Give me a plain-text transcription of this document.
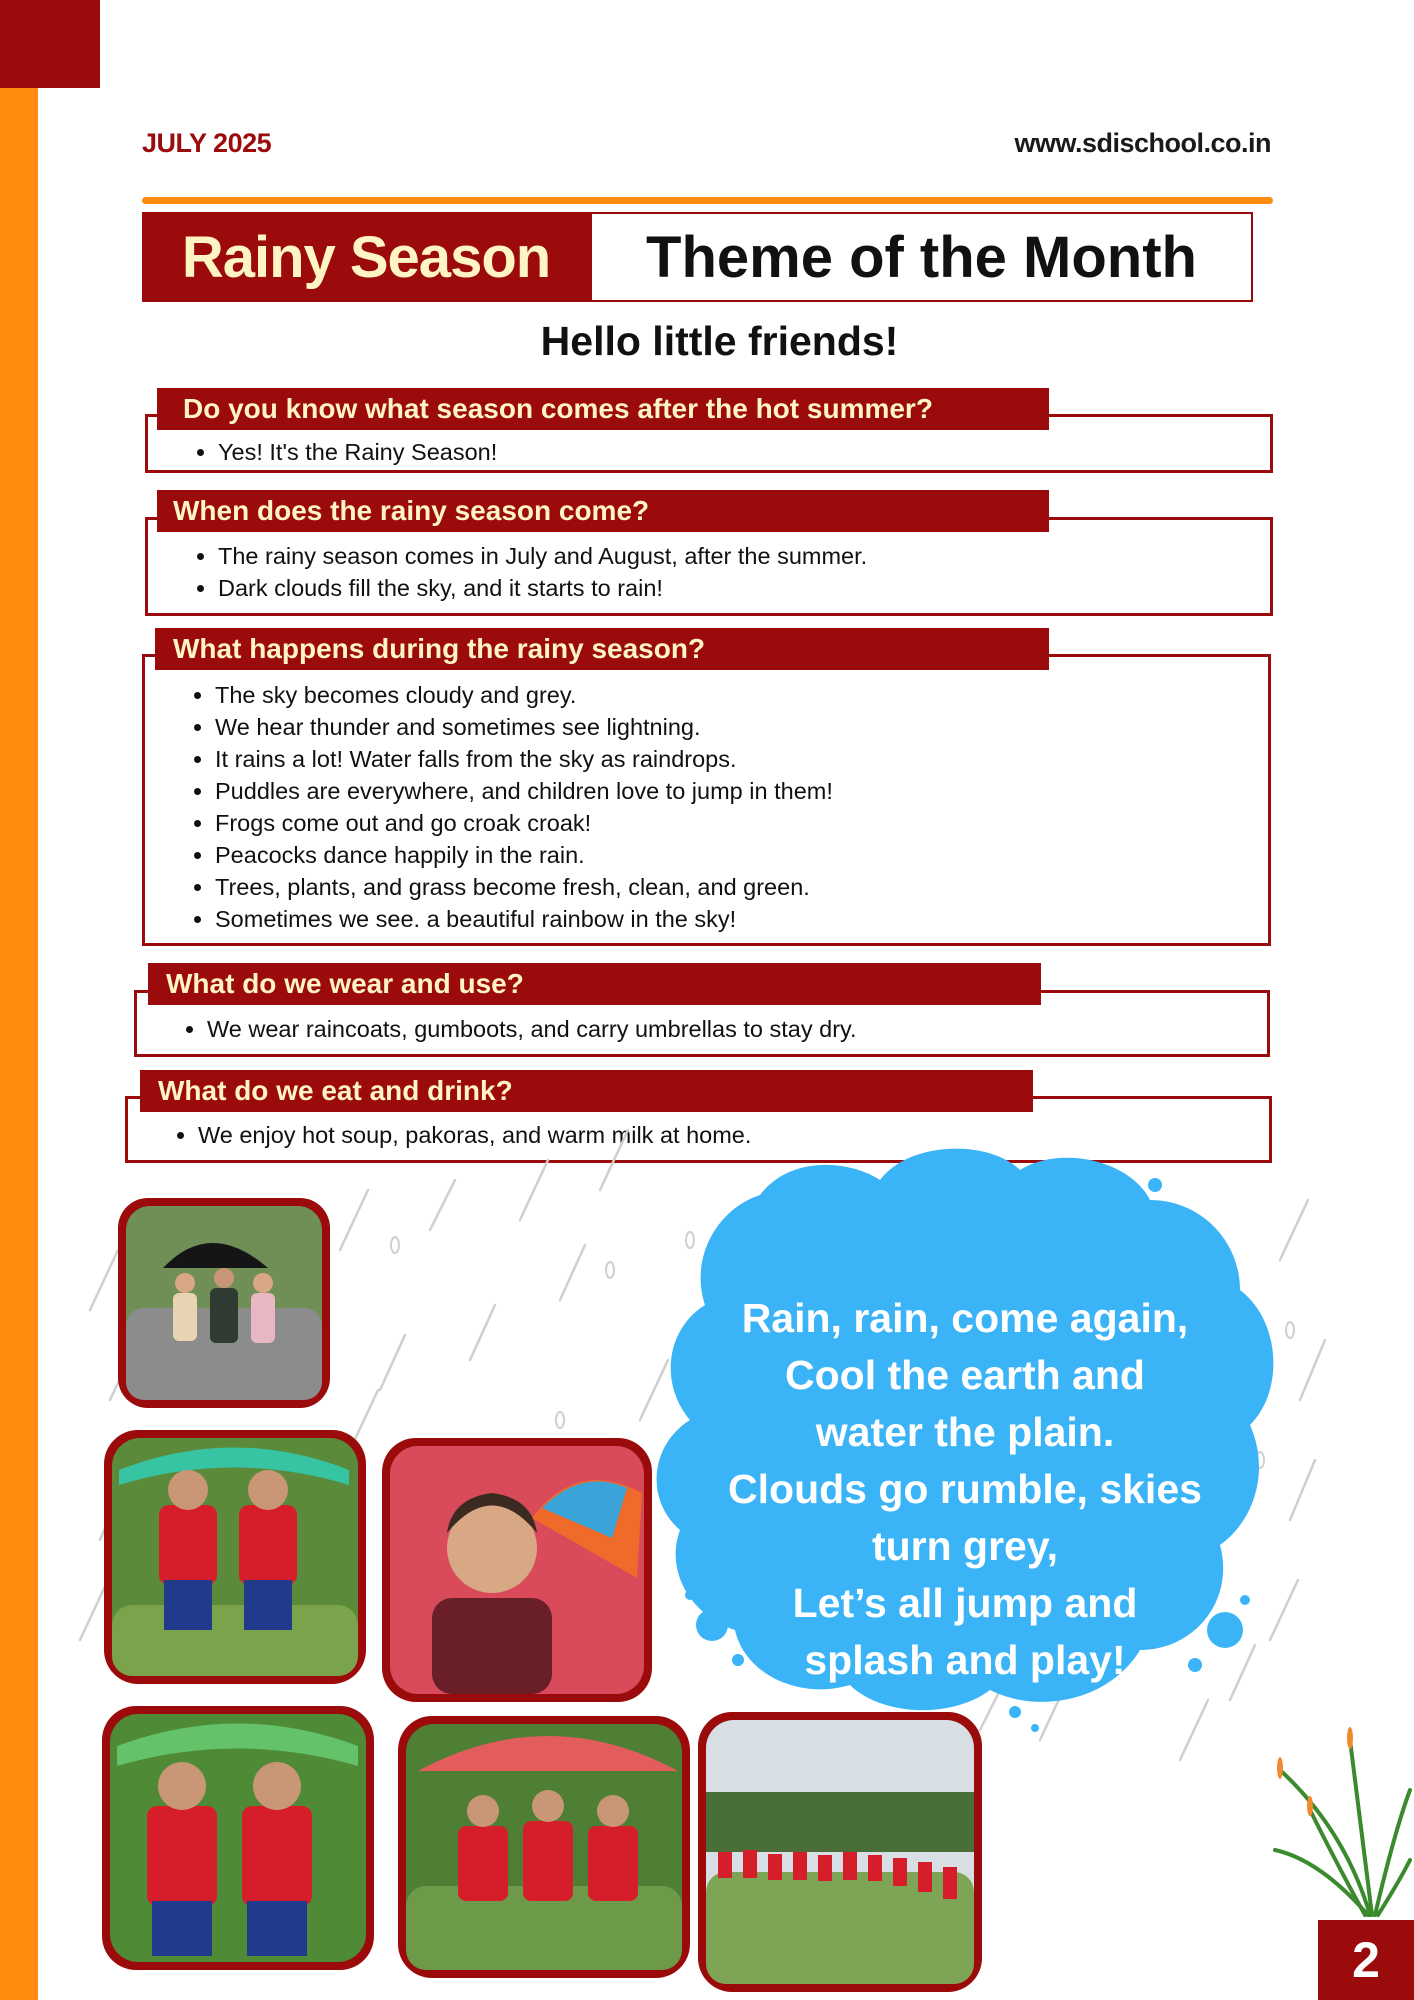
JULY 2025	www.sdischool.co.in
Rainy Season	Theme of the Month
Hello little friends!
• Yes! It's the Rainy Season!
Do you know what season comes after the hot summer?
• The rainy season comes in July and August, after the summer.
• Dark clouds fill the sky, and it starts to rain!
When does the rainy season come?
• The sky becomes cloudy and grey.
• We hear thunder and sometimes see lightning.
• It rains a lot! Water falls from the sky as raindrops.
• Puddles are everywhere, and children love to jump in them!
• Frogs come out and go croak croak!
• Peacocks dance happily in the rain.
• Trees, plants, and grass become fresh, clean, and green.
• Sometimes we see. a beautiful rainbow in the sky!
What happens during the rainy season?
• We wear raincoats, gumboots, and carry umbrellas to stay dry.
What do we wear and use?
• We enjoy hot soup, pakoras, and warm milk at home.
What do we eat and drink?
Rain, rain, come again,
Cool the earth and
water the plain.
Clouds go rumble, skies
turn grey,
Let’s all jump and
splash and play!
2
